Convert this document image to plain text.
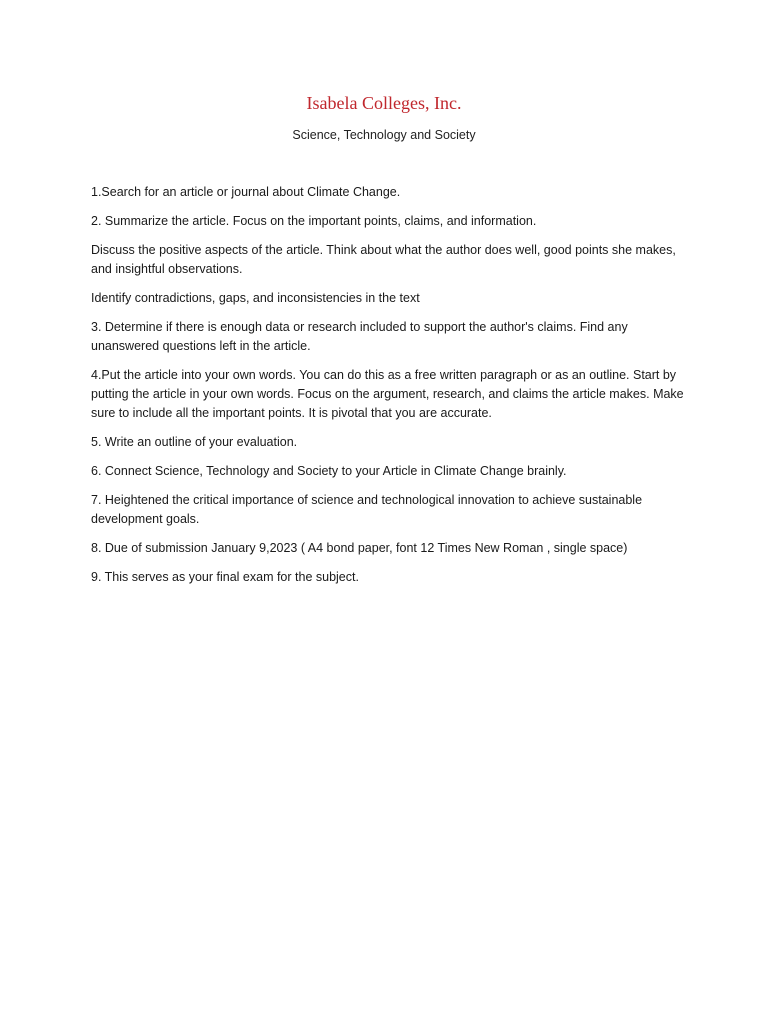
Isabela Colleges, Inc.
Science, Technology and Society

1.Search for an article or journal about Climate Change.

2. Summarize the article. Focus on the important points, claims, and information.

Discuss the positive aspects of the article. Think about what the author does well, good points she makes, and insightful observations.

Identify contradictions, gaps, and inconsistencies in the text

3. Determine if there is enough data or research included to support the author's claims. Find any unanswered questions left in the article.

4.Put the article into your own words. You can do this as a free written paragraph or as an outline. Start by putting the article in your own words. Focus on the argument, research, and claims the article makes. Make sure to include all the important points. It is pivotal that you are accurate.

5. Write an outline of your evaluation.

6. Connect Science, Technology and Society to your Article in Climate Change brainly.

7. Heightened the critical importance of science and technological innovation to achieve sustainable development goals.

8. Due of submission January 9,2023 ( A4 bond paper, font 12 Times New Roman , single space)

9. This serves as your final exam for the subject.
